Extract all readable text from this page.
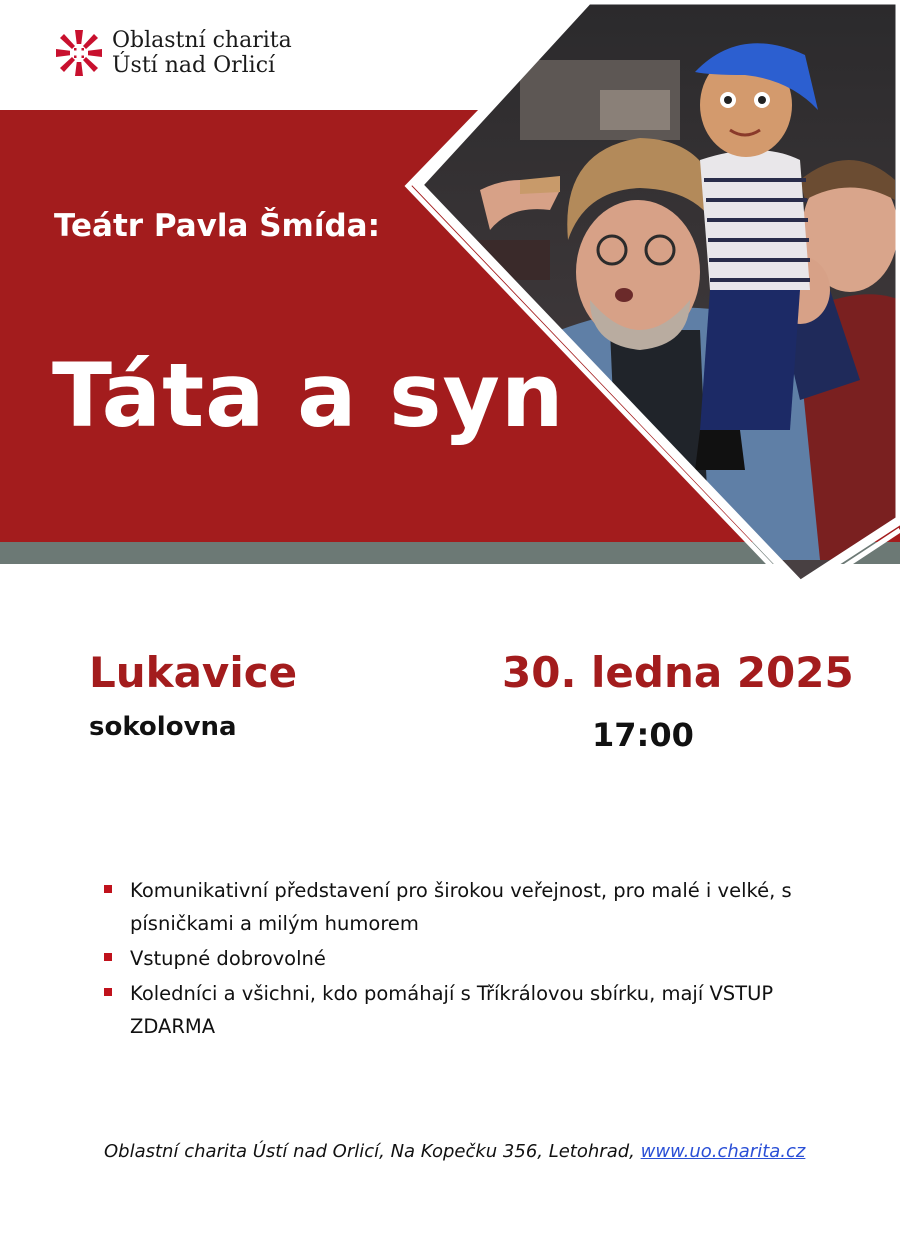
Oblastní charita
Ústí nad Orlicí
Teátr Pavla Šmída:
Táta a syn
Lukavice
sokolovna
30. ledna 2025
17:00
Komunikativní představení pro širokou veřejnost, pro malé i velké, s písničkami a milým humorem
Vstupné dobrovolné
Koledníci a všichni, kdo pomáhají s Tříkrálovou sbírku, mají VSTUP ZDARMA
Oblastní charita Ústí nad Orlicí, Na Kopečku 356, Letohrad, www.uo.charita.cz
